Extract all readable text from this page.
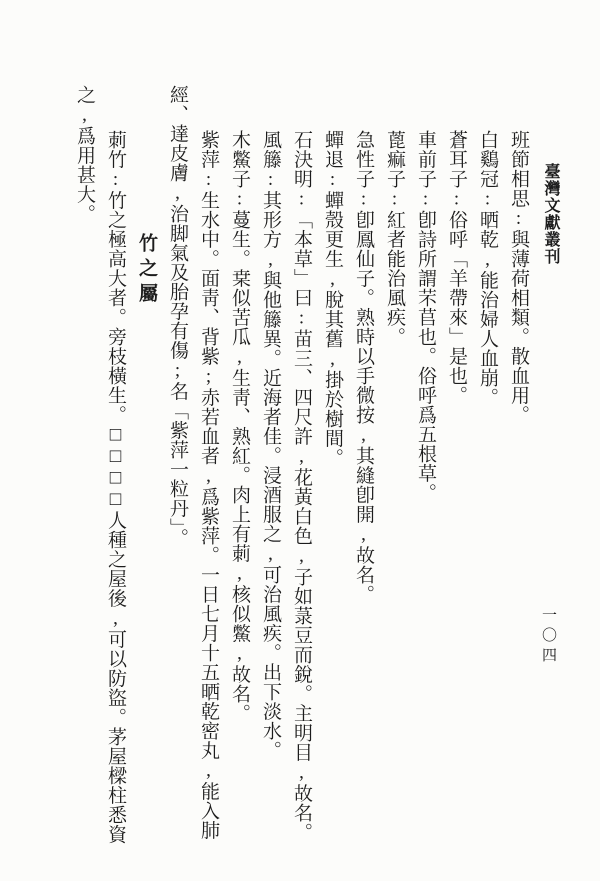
臺灣文獻叢刊
一〇四
班節相思:與薄荷相類。散血用。
白鷄冠:晒乾,能治婦人血崩。
蒼耳子:俗呼「羊帶來」是也。
車前子:卽詩所謂芣苢也。俗呼爲五根草。
蓖痲子:紅者能治風疾。
急性子:卽鳳仙子。熟時以手微按,其縫卽開,故名。
蟬退:蟬殼更生,脫其舊,掛於樹間。
石決明:「本草」曰:苗三、四尺許,花黃白色,子如菉豆而銳。主明目,故名。
風籐:其形方,與他籐異。近海者佳。浸酒服之,可治風疾。出下淡水。
木鱉子:蔓生。枽似苦瓜,生靑、熟紅。肉上有莿,核似鱉,故名。
紫萍:生水中。面靑、背紫;赤若血者,爲紫萍。一日七月十五晒乾密丸,能入肺
經、達皮膚,治脚氣及胎孕有傷;名「紫萍一粒丹」。
竹之屬
莿竹:竹之極高大者。旁枝橫生。□□□□人種之屋後,可以防盜。茅屋樑柱悉資
之,爲用甚大。
